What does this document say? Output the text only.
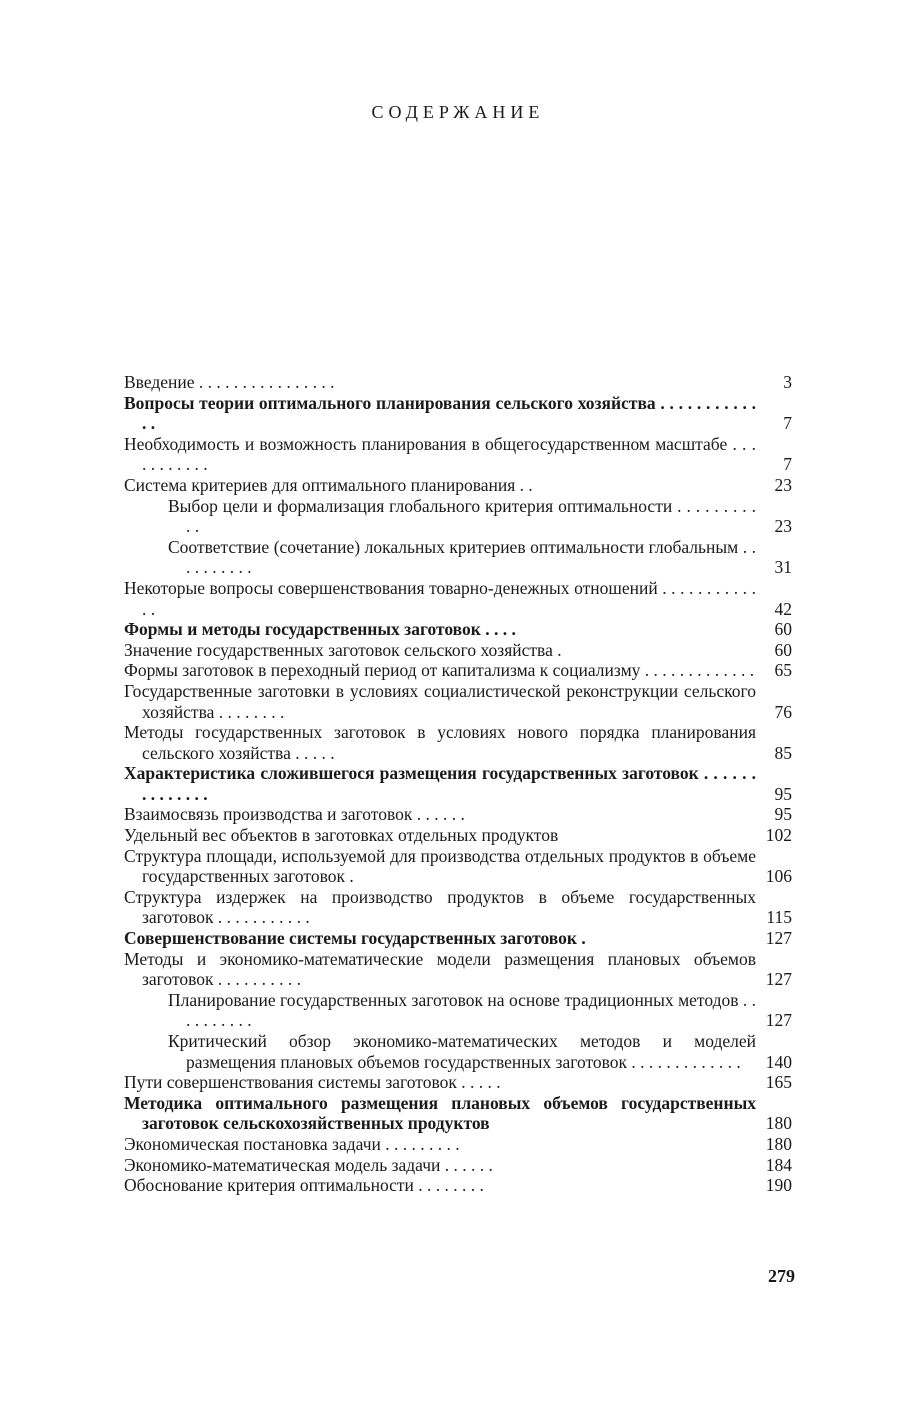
СОДЕРЖАНИЕ
Введение . . . . . . . . . . . . . . . .	3
Вопросы теории оптимального планирования сельского хозяйства . . . . . . . . . . . . .	7
Необходимость и возможность планирования в общегосударственном масштабе . . . . . . . . . . .	7
Система критериев для оптимального планирования . .	23
Выбор цели и формализация глобального критерия оптимальности . . . . . . . . . . .	23
Соответствие (сочетание) локальных критериев оптимальности глобальным . . . . . . . . . .	31
Некоторые вопросы совершенствования товарно-денежных отношений . . . . . . . . . . . . .	42
Формы и методы государственных заготовок . . . .	60
Значение государственных заготовок сельского хозяйства .	60
Формы заготовок в переходный период от капитализма к социализму . . . . . . . . . . . . .	65
Государственные заготовки в условиях социалистической реконструкции сельского хозяйства . . . . . . . .	76
Методы государственных заготовок в условиях нового порядка планирования сельского хозяйства . . . . .	85
Характеристика сложившегося размещения государственных заготовок . . . . . . . . . . . . . .	95
Взаимосвязь производства и заготовок . . . . . .	95
Удельный вес объектов в заготовках отдельных продуктов	102
Структура площади, используемой для производства отдельных продуктов в объеме государственных заготовок .	106
Структура издержек на производство продуктов в объеме государственных заготовок . . . . . . . . . . .	115
Совершенствование системы государственных заготовок .	127
Методы и экономико-математические модели размещения плановых объемов заготовок . . . . . . . . . .	127
Планирование государственных заготовок на основе традиционных методов . . . . . . . . . .	127
Критический обзор экономико-математических методов и моделей размещения плановых объемов государственных заготовок . . . . . . . . . . . . .	140
Пути совершенствования системы заготовок . . . . .	165
Методика оптимального размещения плановых объемов государственных заготовок сельскохозяйственных продуктов	180
Экономическая постановка задачи . . . . . . . . .	180
Экономико-математическая модель задачи . . . . . .	184
Обоснование критерия оптимальности . . . . . . . .	190
279
